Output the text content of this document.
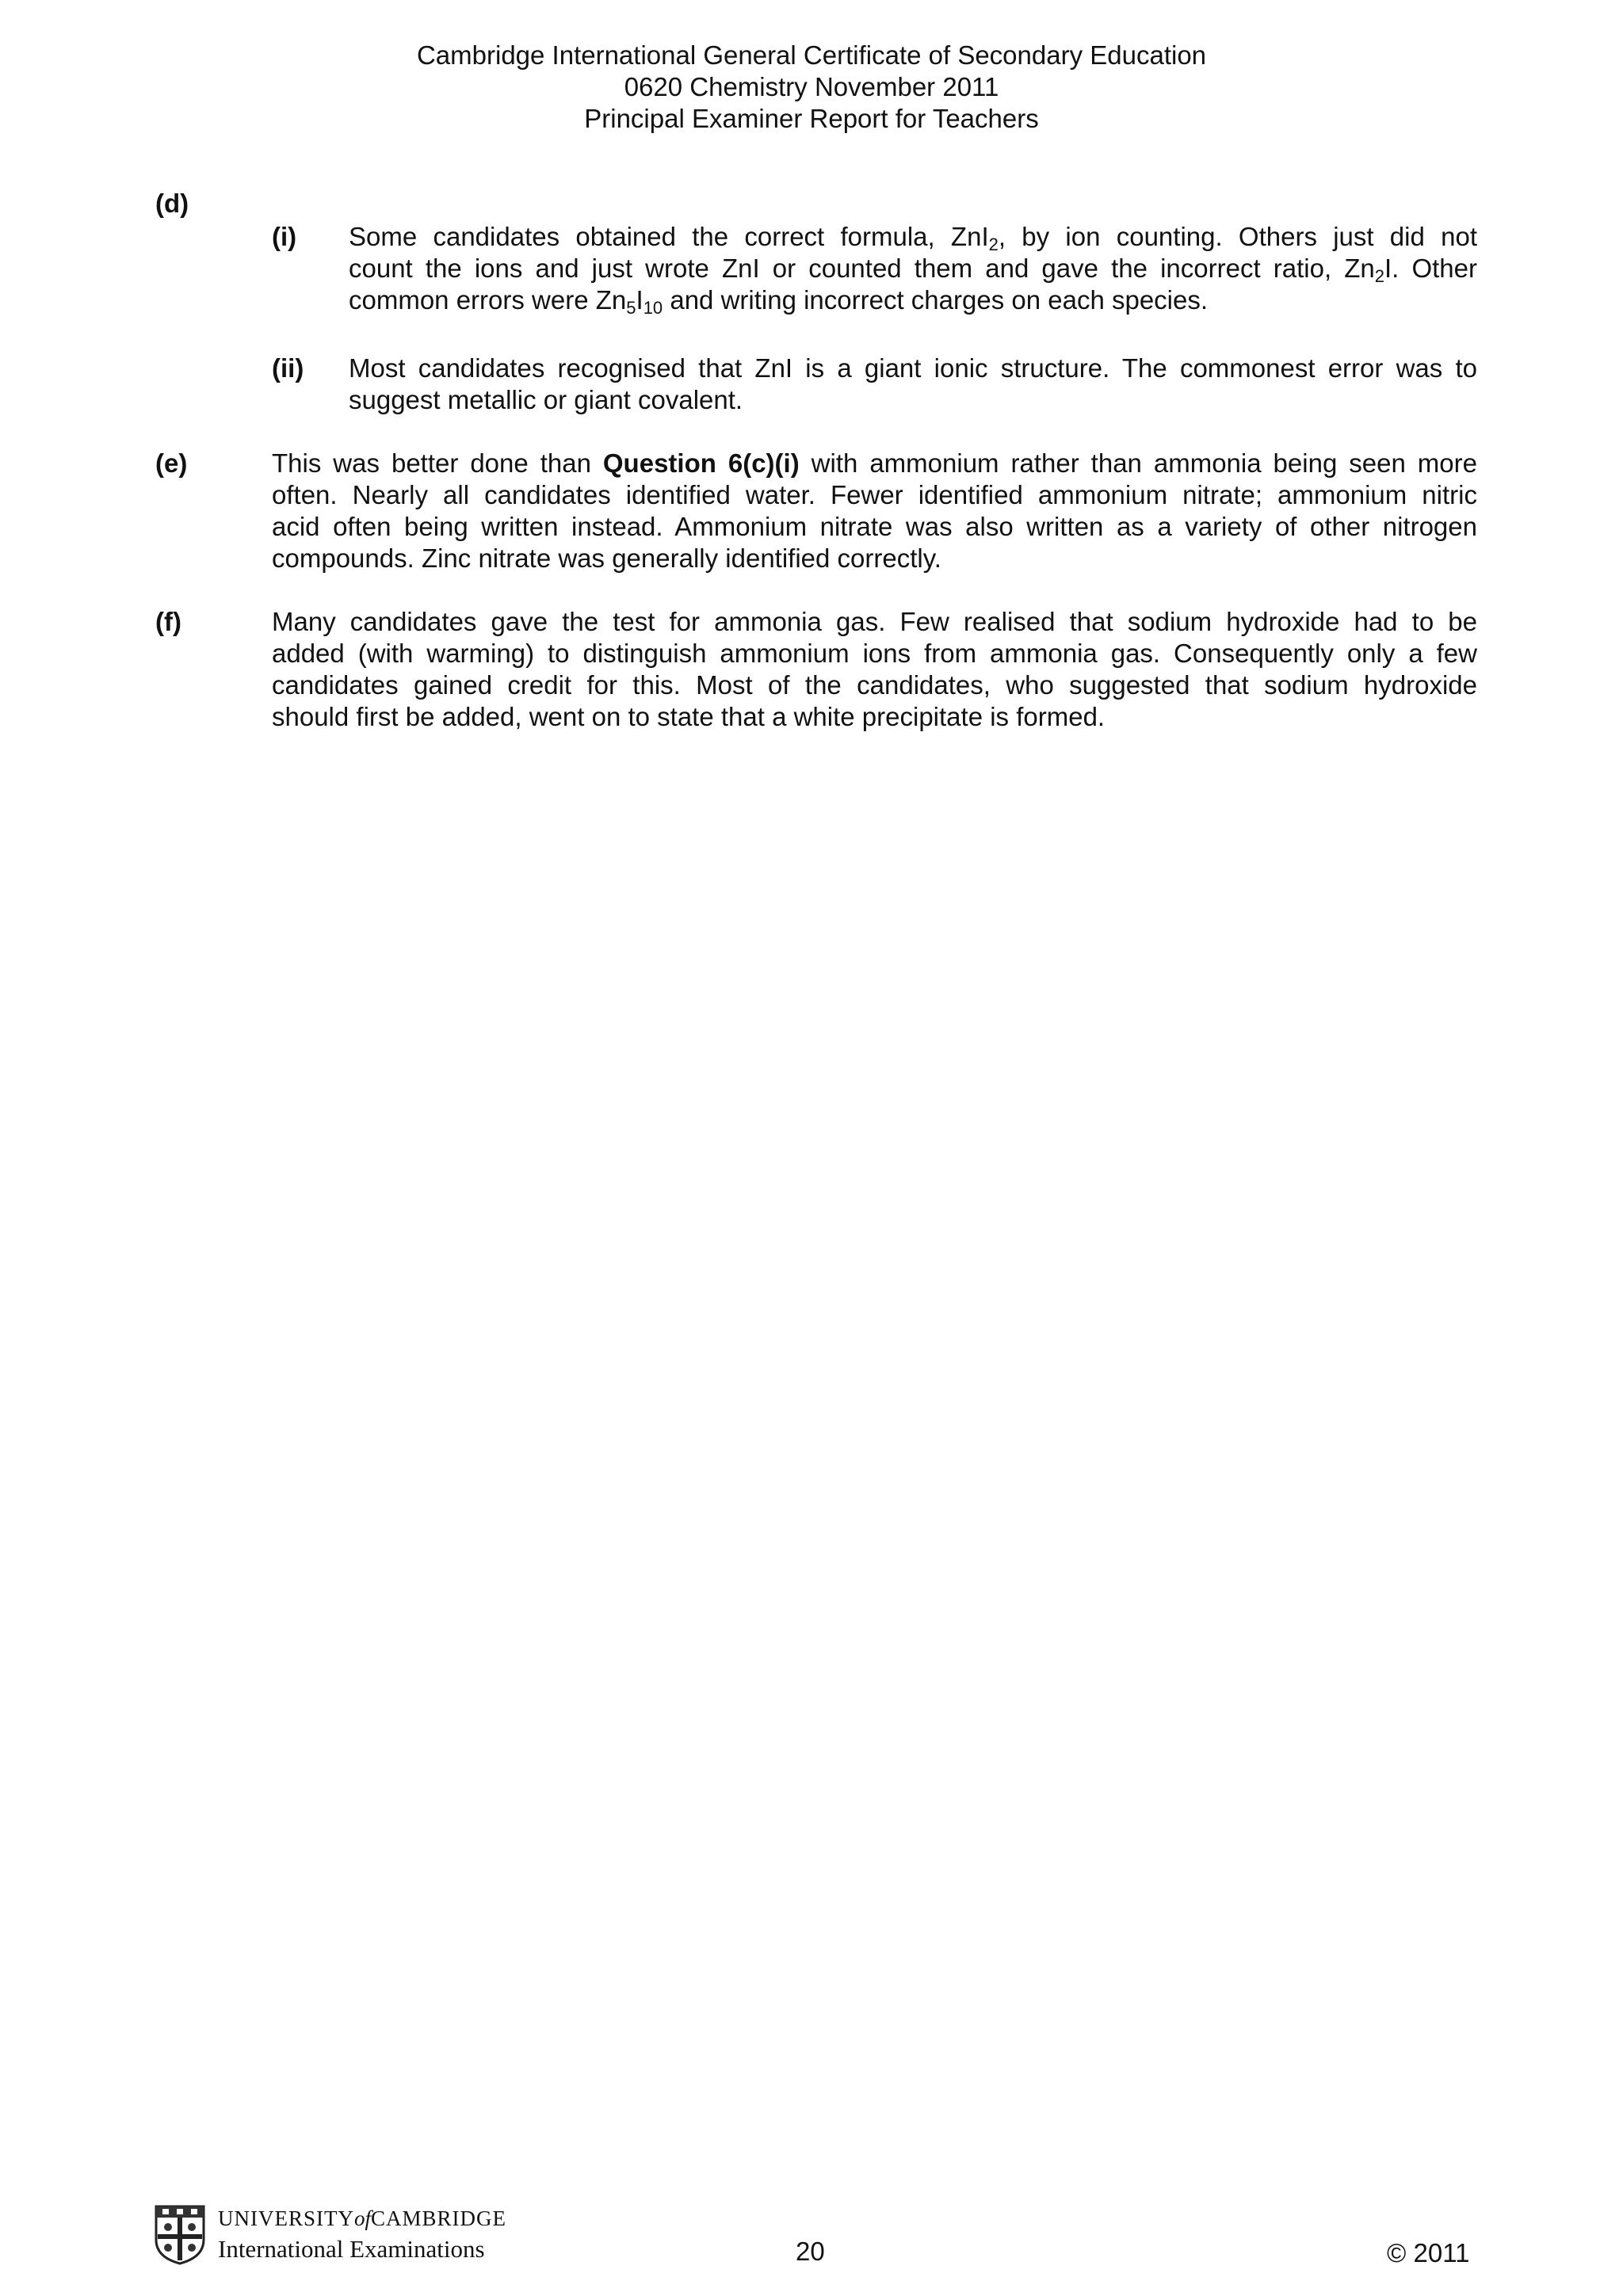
Cambridge International General Certificate of Secondary Education
0620 Chemistry November 2011
Principal Examiner Report for Teachers
(d)
(i) Some candidates obtained the correct formula, ZnI$_2$, by ion counting. Others just did not
count the ions and just wrote ZnI or counted them and gave the incorrect ratio, $Zn_2I$. Other
common errors were $Zn_5I_{10}$ and writing incorrect charges on each species.
(ii) Most candidates recognised that ZnI is a giant ionic structure. The commonest error was to
suggest metallic or giant covalent.
(e)	This was better done than Question 6(c)(i) with ammonium rather than ammonia being seen more
often. Nearly all candidates identified water. Fewer identified ammonium nitrate; ammonium nitric
acid often being written instead. Ammonium nitrate was also written as a variety of other nitrogen
compounds. Zinc nitrate was generally identified correctly.
(f)	Many candidates gave the test for ammonia gas. Few realised that sodium hydroxide had to be
added (with warming) to distinguish ammonium ions from ammonia gas. Consequently only a few
candidates gained credit for this. Most of the candidates, who suggested that sodium hydroxide
should first be added, went on to state that a white precipitate is formed.
UNIVERSITYofCAMBRIDGE
International Examinations	20	© 2011
